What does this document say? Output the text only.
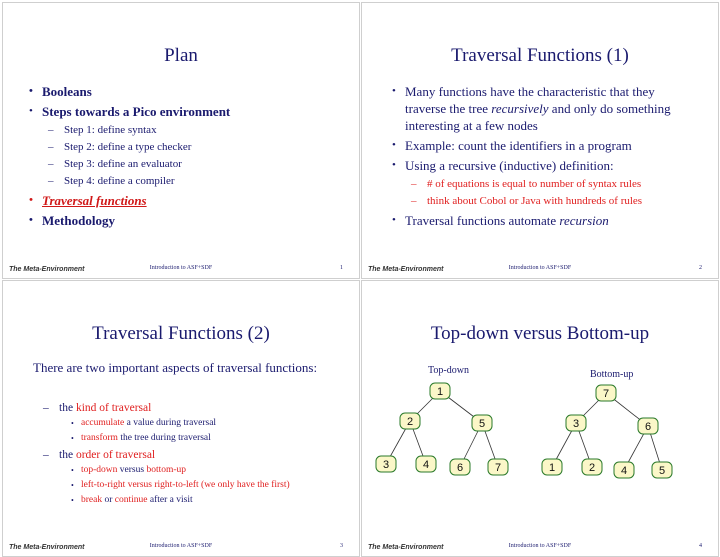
Plan
• Booleans
• Steps towards a Pico environment
– Step 1: define syntax
– Step 2: define a type checker
– Step 3: define an evaluator
– Step 4: define a compiler
• Traversal functions
• Methodology
The Meta-Environment	Introduction to ASF+SDF	1
Traversal Functions (1)
• Many functions have the characteristic that they traverse the tree recursively and only do something interesting at a few nodes
• Example: count the identifiers in a program
• Using a recursive (inductive) definition:
– # of equations is equal to number of syntax rules
– think about Cobol or Java with hundreds of rules
• Traversal functions automate recursion
The Meta-Environment	Introduction to ASF+SDF	2
Traversal Functions (2)
There are two important aspects of traversal functions:
– the kind of traversal
• accumulate a value during traversal
• transform the tree during traversal
– the order of traversal
• top-down versus bottom-up
• left-to-right versus right-to-left (we only have the first)
• break or continue after a visit
The Meta-Environment	Introduction to ASF+SDF	3
Top-down versus Bottom-up
Top-down	Bottom-up
1
2	5
3	4	6	7
7
3	6
1	2 4	5
The Meta-Environment	Introduction to ASF+SDF	4
